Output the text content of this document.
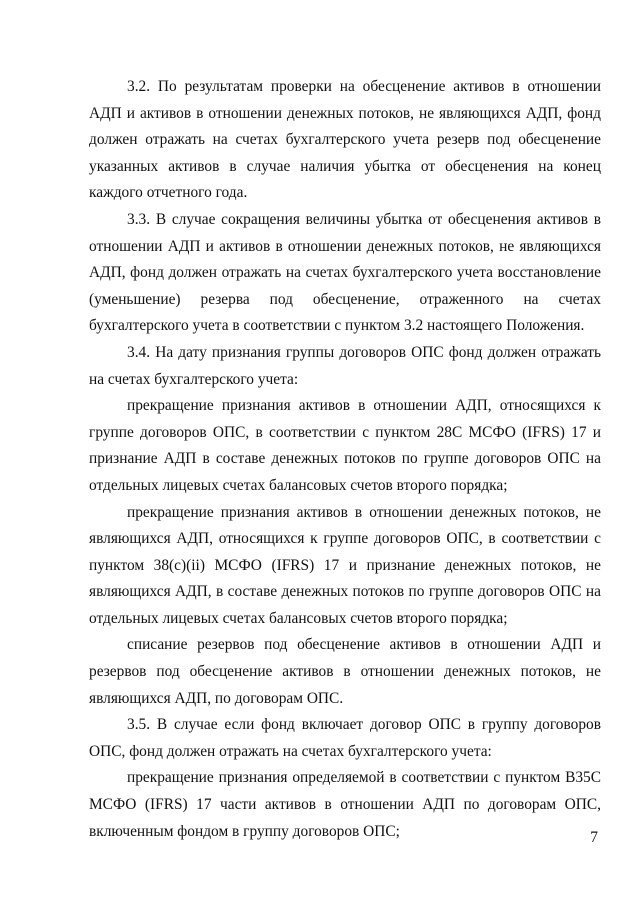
3.2. По результатам проверки на обесценение активов в отношении АДП и активов в отношении денежных потоков, не являющихся АДП, фонд должен отражать на счетах бухгалтерского учета резерв под обесценение указанных активов в случае наличия убытка от обесценения на конец каждого отчетного года.

3.3. В случае сокращения величины убытка от обесценения активов в отношении АДП и активов в отношении денежных потоков, не являющихся АДП, фонд должен отражать на счетах бухгалтерского учета восстановление (уменьшение) резерва под обесценение, отраженного на счетах бухгалтерского учета в соответствии с пунктом 3.2 настоящего Положения.

3.4. На дату признания группы договоров ОПС фонд должен отражать на счетах бухгалтерского учета:

прекращение признания активов в отношении АДП, относящихся к группе договоров ОПС, в соответствии с пунктом 28С МСФО (IFRS) 17 и признание АДП в составе денежных потоков по группе договоров ОПС на отдельных лицевых счетах балансовых счетов второго порядка;

прекращение признания активов в отношении денежных потоков, не являющихся АДП, относящихся к группе договоров ОПС, в соответствии с пунктом 38(c)(ii) МСФО (IFRS) 17 и признание денежных потоков, не являющихся АДП, в составе денежных потоков по группе договоров ОПС на отдельных лицевых счетах балансовых счетов второго порядка;

списание резервов под обесценение активов в отношении АДП и резервов под обесценение активов в отношении денежных потоков, не являющихся АДП, по договорам ОПС.

3.5. В случае если фонд включает договор ОПС в группу договоров ОПС, фонд должен отражать на счетах бухгалтерского учета:

прекращение признания определяемой в соответствии с пунктом B35C МСФО (IFRS) 17 части активов в отношении АДП по договорам ОПС, включенным фондом в группу договоров ОПС;	7
